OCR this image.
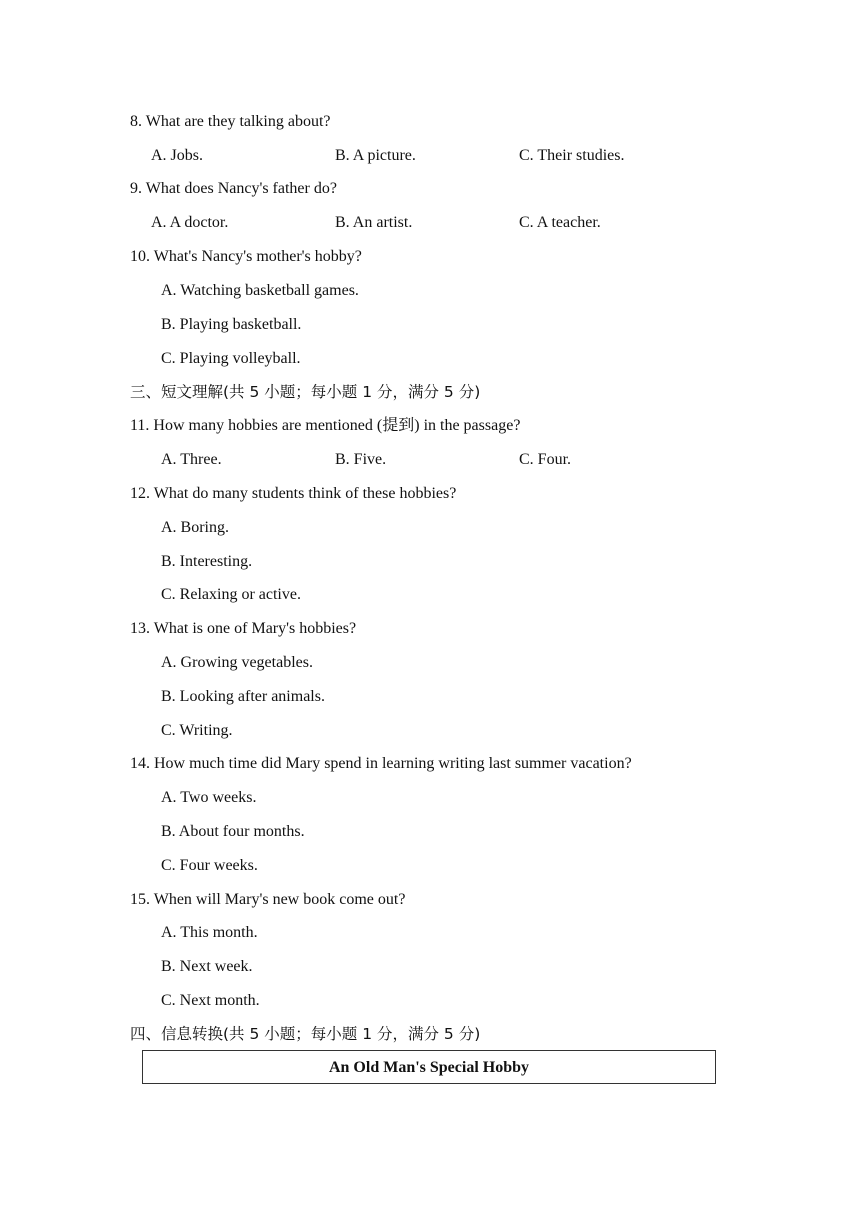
8. What are they talking about?
A. Jobs.	B. A picture.	C. Their studies.
9. What does Nancy's father do?
A. A doctor.	B. An artist.	C. A teacher.
10. What's Nancy's mother's hobby?
A. Watching basketball games.
B. Playing basketball.
C. Playing volleyball.
三、短文理解(共 5 小题；每小题 1 分，满分 5 分)
11. How many hobbies are mentioned (提到) in the passage?
A. Three.	B. Five.	C. Four.
12. What do many students think of these hobbies?
A. Boring.
B. Interesting.
C. Relaxing or active.
13. What is one of Mary's hobbies?
A. Growing vegetables.
B. Looking after animals.
C. Writing.
14. How much time did Mary spend in learning writing last summer vacation?
A. Two weeks.
B. About four months.
C. Four weeks.
15. When will Mary's new book come out?
A. This month.
B. Next week.
C. Next month.
四、信息转换(共 5 小题；每小题 1 分，满分 5 分)
An Old Man's Special Hobby
